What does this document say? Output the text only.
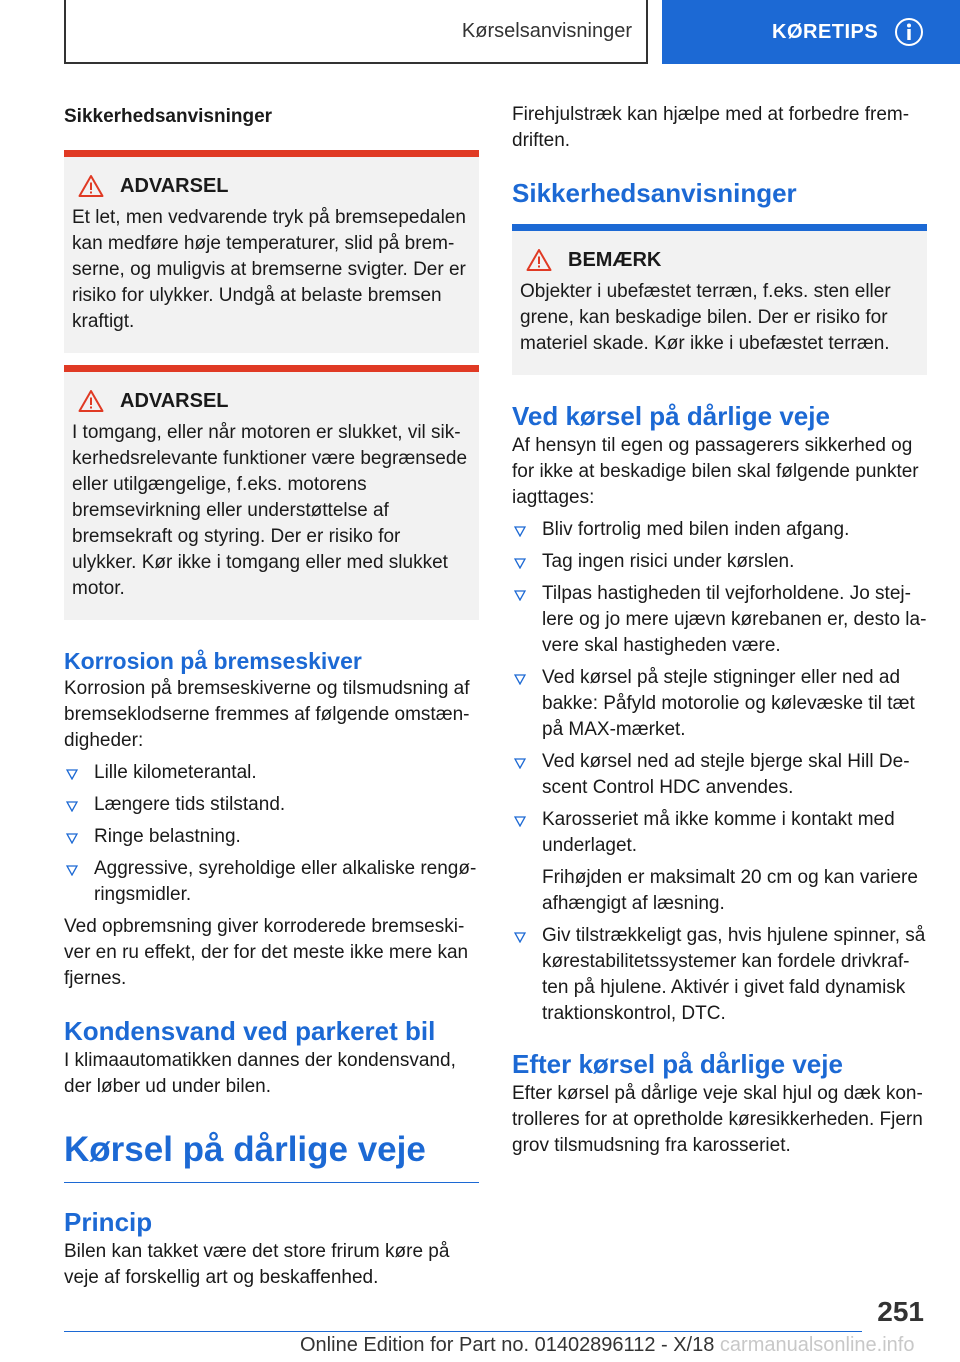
Kørselsanvisninger	KØRETIPS

Sikkerhedsanvisninger

ADVARSEL

Et let, men vedvarende tryk på bremsepedalen kan medføre høje temperaturer, slid på bremserne, og muligvis at bremserne svigter. Der er risiko for ulykker. Undgå at belaste bremsen kraftigt.

ADVARSEL

I tomgang, eller når motoren er slukket, vil sikkerhedsrelevante funktioner være begrænsede eller utilgængelige, f.eks. motorens bremsevirkning eller understøttelse af bremsekraft og styring. Der er risiko for ulykker. Kør ikke i tomgang eller med slukket motor.

Korrosion på bremseskiver

Korrosion på bremseskiverne og tilsmudsning af bremseklodserne fremmes af følgende omstændigheder:

Lille kilometerantal.
Længere tids stilstand.
Ringe belastning.
Aggressive, syreholdige eller alkaliske rengøringsmidler.

Ved opbremsning giver korroderede bremseskiver en ru effekt, der for det meste ikke mere kan fjernes.

Kondensvand ved parkeret bil

I klimaautomatikken dannes der kondensvand, der løber ud under bilen.

Kørsel på dårlige veje
Princip

Bilen kan takket være det store frirum køre på veje af forskellig art og beskaffenhed.

Firehjulstræk kan hjælpe med at forbedre fremdriften.

Sikkerhedsanvisninger
BEMÆRK

Objekter i ubefæstet terræn, f.eks. sten eller grene, kan beskadige bilen. Der er risiko for materiel skade. Kør ikke i ubefæstet terræn.

Ved kørsel på dårlige veje

Af hensyn til egen og passagerers sikkerhed og for ikke at beskadige bilen skal følgende punkter iagttages:

Bliv fortrolig med bilen inden afgang.
Tag ingen risici under kørslen.
Tilpas hastigheden til vejforholdene. Jo stejlere og jo mere ujævn kørebanen er, desto lavere skal hastigheden være.
Ved kørsel på stejle stigninger eller ned ad bakke: Påfyld motorolie og kølevæske til tæt på MAX-mærket.
Ved kørsel ned ad stejle bjerge skal Hill Descent Control HDC anvendes.
Karosseriet må ikke komme i kontakt med underlaget.

Frihøjden er maksimalt 20 cm og kan variere afhængigt af læsning.

Giv tilstrækkeligt gas, hvis hjulene spinner, så kørestabilitetssystemer kan fordele drivkraften på hjulene. Aktivér i givet fald dynamisk traktionskontrol, DTC.
Efter kørsel på dårlige veje

Efter kørsel på dårlige veje skal hjul og dæk kontrolleres for at opretholde køresikkerheden. Fjern grov tilsmudsning fra karosseriet.

251
Online Edition for Part no. 01402896112 - X/18 carmanualsonline.info
